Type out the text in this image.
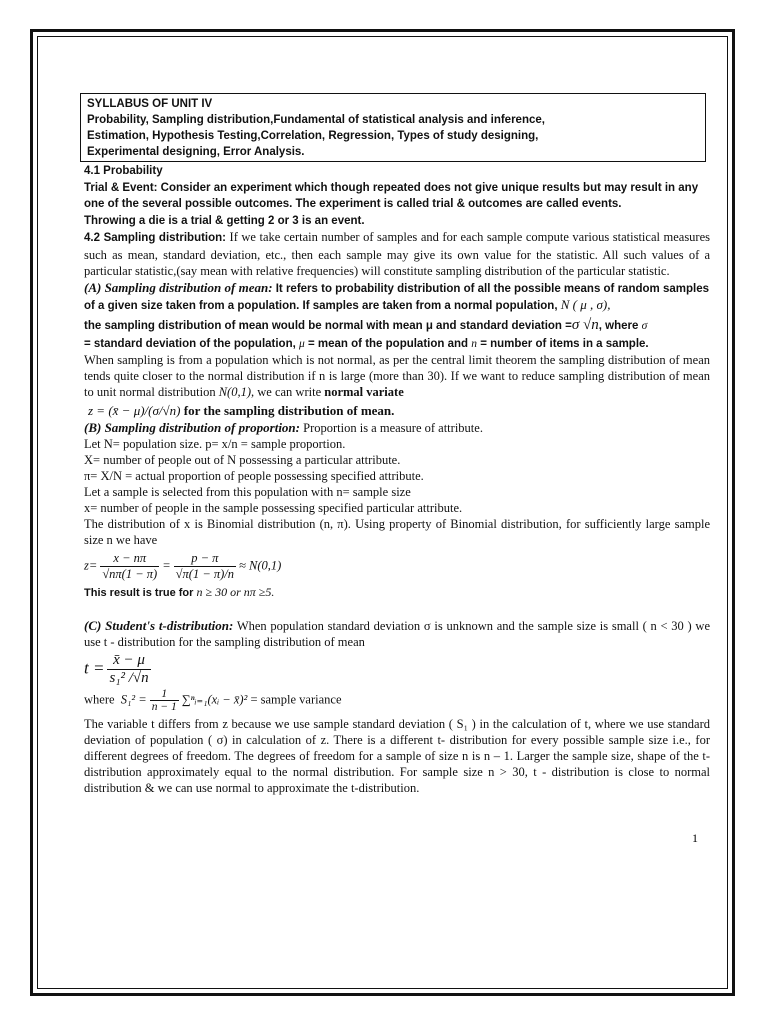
SYLLABUS OF UNIT IV

Probability, Sampling distribution,Fundamental of statistical analysis and inference,

Estimation, Hypothesis Testing,Correlation, Regression, Types of study designing,

Experimental designing, Error Analysis.

4.1 Probability

Trial & Event: Consider an experiment which though repeated does not give unique results but may result in any one of the several possible outcomes. The experiment is called trial & outcomes are called events.

Throwing a die is a trial & getting 2 or 3 is an event.

4.2 Sampling distribution: If we take certain number of samples and for each sample compute various statistical measures such as mean, standard deviation, etc., then each sample may give its own value for the statistic. All such values of a particular statistic,(say mean with relative frequencies) will constitute sampling distribution of the particular statistic.

(A) Sampling distribution of mean: It refers to probability distribution of all the possible means of random samples of a given size taken from a population. If samples are taken from a normal population, N ( μ , σ),

the sampling distribution of mean would be normal with mean μ and standard deviation =σ √n, where σ

= standard deviation of the population, μ = mean of the population and n = number of items in a sample.

When sampling is from a population which is not normal, as per the central limit theorem the sampling distribution of mean tends quite closer to the normal distribution if n is large (more than 30). If we want to reduce sampling distribution of mean to unit normal distribution N(0,1), we can write normal variate

z = (x̄ − μ)/(σ/√n) for the sampling distribution of mean.

(B) Sampling distribution of proportion: Proportion is a measure of attribute.

Let N= population size. p= x/n = sample proportion.

X= number of people out of N possessing a particular attribute.

π= X/N = actual proportion of people possessing specified attribute.

Let a sample is selected from this population with n= sample size

x= number of people in the sample possessing specified particular attribute.

The distribution of x is Binomial distribution (n, π). Using property of Binomial distribution, for sufficiently large sample size n we have

$z= \frac{x - n\pi}{√n\pi(1 - \pi)} = \frac{p - \pi}{√\pi(1 - \pi)/n} \approx N(0,1)$

This result is true for n ≥ 30 or nπ ≥5.

(C) Student's t-distribution: When population standard deviation σ is unknown and the sample size is small ( n < 30 ) we use t - distribution for the sampling distribution of mean

$t = \frac{x̄ - \mu}{\text{s₁² /√n}}$
where $S_1^2 = \frac{1}{n - 1}$ ∑ⁿᵢ₌₁(xᵢ − x̄)² = sample variance

The variable t differs from z because we use sample standard deviation ( S₁ ) in the calculation of t, where we use standard deviation of population ( σ) in calculation of z. There is a different t- distribution for every possible sample size i.e., for different degrees of freedom. The degrees of freedom for a sample of size n is n – 1. Larger the sample size, shape of the t- distribution approximately equal to the normal distribution. For sample size n > 30, t - distribution is close to normal distribution & we can use normal to approximate the t-distribution.

1
